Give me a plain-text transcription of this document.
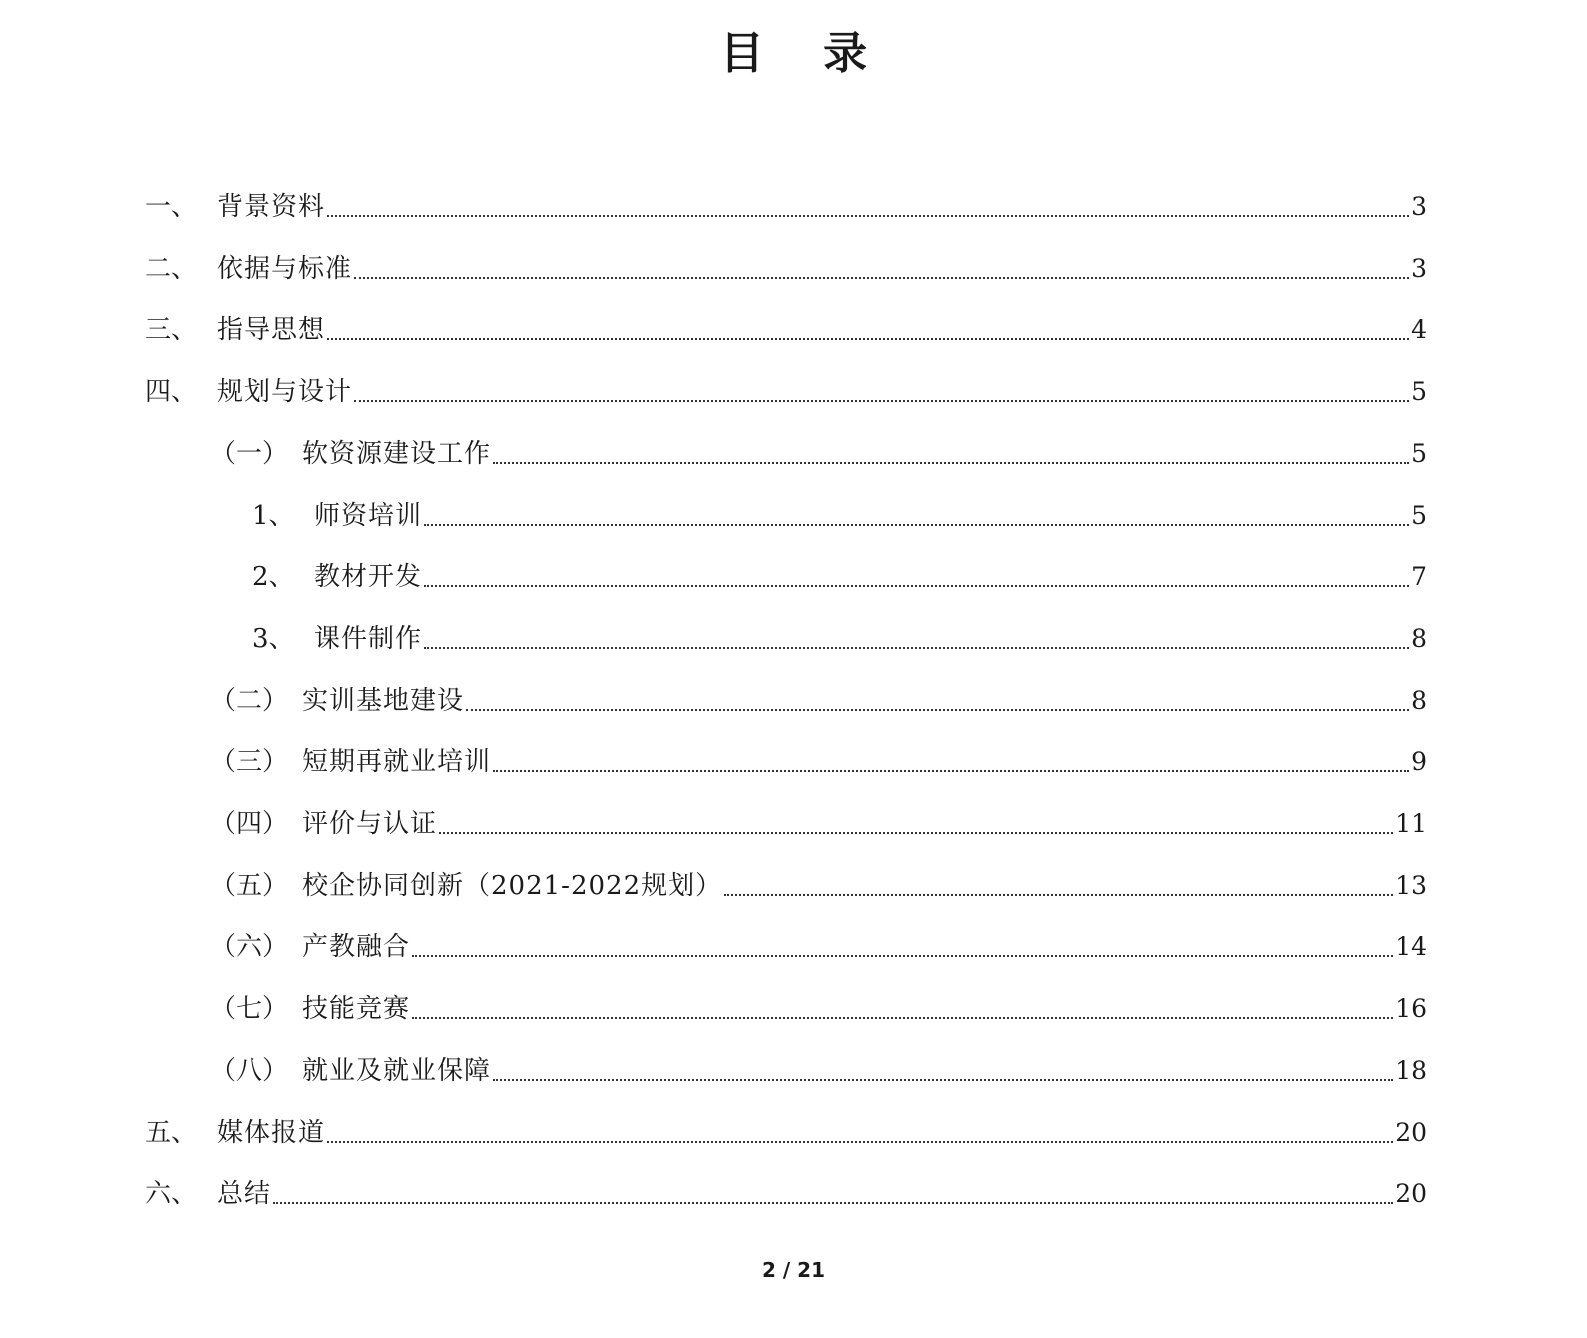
目 录
一、 背景资料	3
二、 依据与标准	3
三、 指导思想	4
四、 规划与设计	5
（一） 软资源建设工作	5
1、 师资培训	5
2、 教材开发	7
3、 课件制作	8
（二） 实训基地建设	8
（三） 短期再就业培训	9
（四） 评价与认证	11
（五） 校企协同创新（2021-2022规划）	13
（六） 产教融合	14
（七） 技能竞赛	16
（八） 就业及就业保障	18
五、 媒体报道	20
六、 总结	20
2 / 21
